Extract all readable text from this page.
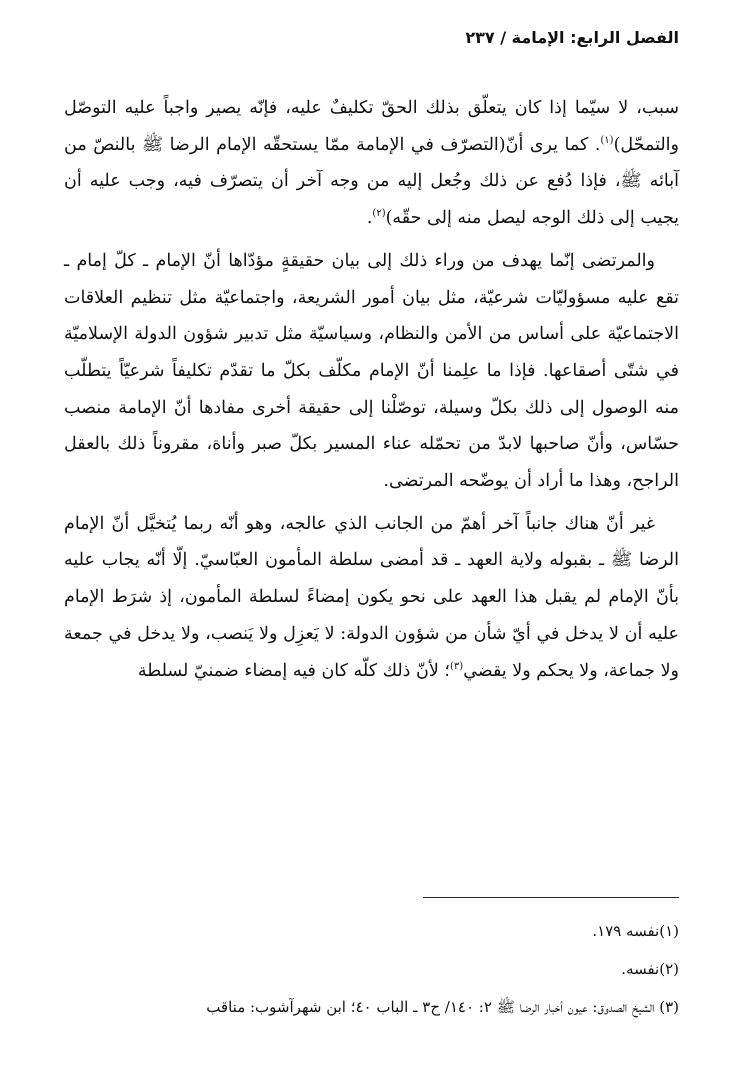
الفصل الرابع: الإمامة / ٢٣٧

سبب، لا سيّما إذا كان يتعلّق بذلك الحقّ تكليفٌ عليه، فإنّه يصير واجباً عليه التوصّل والتمحّل)$^{(١)}$. كما يرى أنّ(التصرّف في الإمامة ممّا يستحقّه الإمام الرضا ﷺ بالنصّ من آبائه ﷺ، فإذا دُفع عن ذلك وجُعل إليه من وجه آخر أن يتصرّف فيه، وجب عليه أن يجيب إلى ذلك الوجه ليصل منه إلى حقّه)$^{(٢)}$.

والمرتضى إنّما يهدف من وراء ذلك إلى بيان حقيقةٍ مؤدّاها أنّ الإمام ـ كلّ إمام ـ تقع عليه مسؤوليّات شرعيّة، مثل بيان أمور الشريعة، واجتماعيّة مثل تنظيم العلاقات الاجتماعيّة على أساس من الأمن والنظام، وسياسيّة مثل تدبير شؤون الدولة الإسلاميّة في شتّى أصقاعها. فإذا ما علِمنا أنّ الإمام مكلّف بكلّ ما تقدّم تكليفاً شرعيّاً يتطلّب منه الوصول إلى ذلك بكلّ وسيلة، توصّلْنا إلى حقيقة أخرى مفادها أنّ الإمامة منصب حسّاس، وأنّ صاحبها لابدّ من تحمّله عناء المسير بكلّ صبر وأناة، مقروناً ذلك بالعقل الراجح، وهذا ما أراد أن يوضّحه المرتضى.

غير أنّ هناك جانباً آخر أهمّ من الجانب الذي عالجه، وهو أنّه ربما يُتخيَّل أنّ الإمام الرضا ﷺ ـ بقبوله ولاية العهد ـ قد أمضى سلطة المأمون العبّاسيّ. إلّا أنّه يجاب عليه بأنّ الإمام لم يقبل هذا العهد على نحو يكون إمضاءً لسلطة المأمون، إذ شرَط الإمام عليه أن لا يدخل في أيّ شأن من شؤون الدولة: لا يَعزِل ولا يَنصب، ولا يدخل في جمعة ولا جماعة، ولا يحكم ولا يقضي$^{(٣)}$؛ لأنّ ذلك كلّه كان فيه إمضاء ضمنيّ لسلطة

(١)نفسه ١٧٩.
(٢)نفسه.
(٣) الشيخ الصدوق: عيون أخبار الرضا ﷺ ٢: ١٤٠/ ح٣ ـ الباب ٤٠؛ ابن شهرآشوب: مناقب
